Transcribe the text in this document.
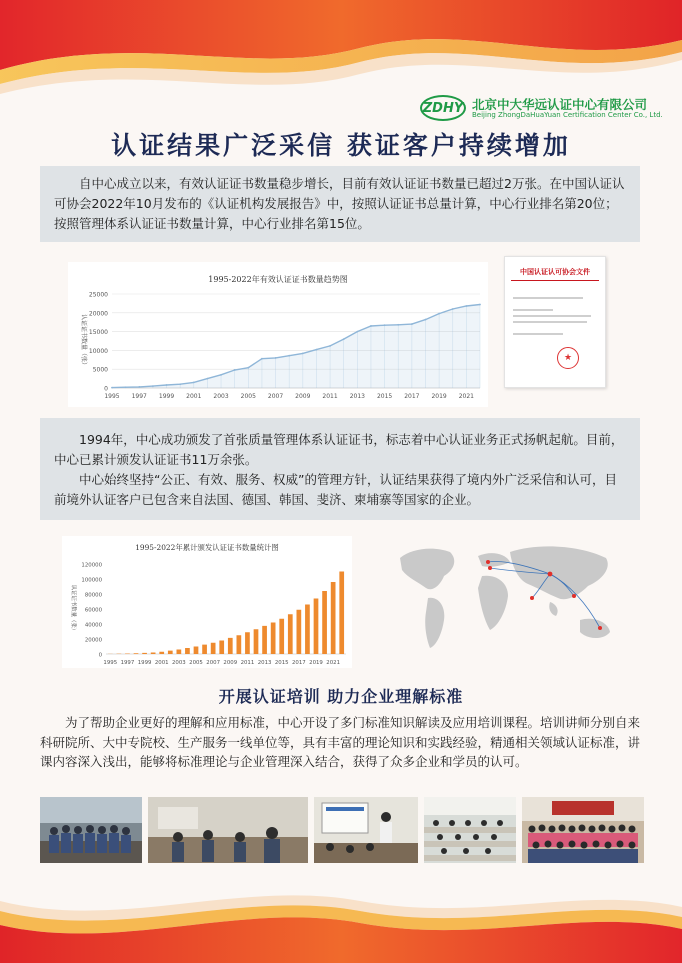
ZDHY 北京中大华远认证中心有限公司
Beijing ZhongDaHuaYuan Certification Center Co., Ltd.
认证结果广泛采信 获证客户持续增加

自中心成立以来，有效认证证书数量稳步增长，目前有效认证证书数量已超过2万张。在中国认证认可协会2022年10月发布的《认证机构发展报告》中，按照认证证书总量计算，中心行业排名第20位；按照管理体系认证证书数量计算，中心行业排名第15位。

1995-2022年有效认证证书数量趋势图
0
5000
10000
15000
20000
25000
1995 1997 1999 2001 2003 2005 2007 2009 2011 2013 2015 2017 2019 2021
认证证书数量（张）
中国认证认可协会文件
★

1994年，中心成功颁发了首张质量管理体系认证证书，标志着中心认证业务正式扬帆起航。目前，中心已累计颁发认证证书11万余张。

中心始终坚持“公正、有效、服务、权威”的管理方针，认证结果获得了境内外广泛采信和认可，目前境外认证客户已包含来自法国、德国、韩国、斐济、柬埔寨等国家的企业。

1995-2022年累计颁发认证证书数量统计图
0
20000
40000
60000
80000
100000
120000
1995 1997 1999 2001 2003 2005 2007 2009 2011 2013 2015 2017 2019 2021
认证证书数量（张）
开展认证培训 助力企业理解标准

为了帮助企业更好的理解和应用标准，中心开设了多门标准知识解读及应用培训课程。培训讲师分别自来科研院所、大中专院校、生产服务一线单位等，具有丰富的理论知识和实践经验，精通相关领域认证标准，讲课内容深入浅出，能够将标准理论与企业管理深入结合，获得了众多企业和学员的认可。
